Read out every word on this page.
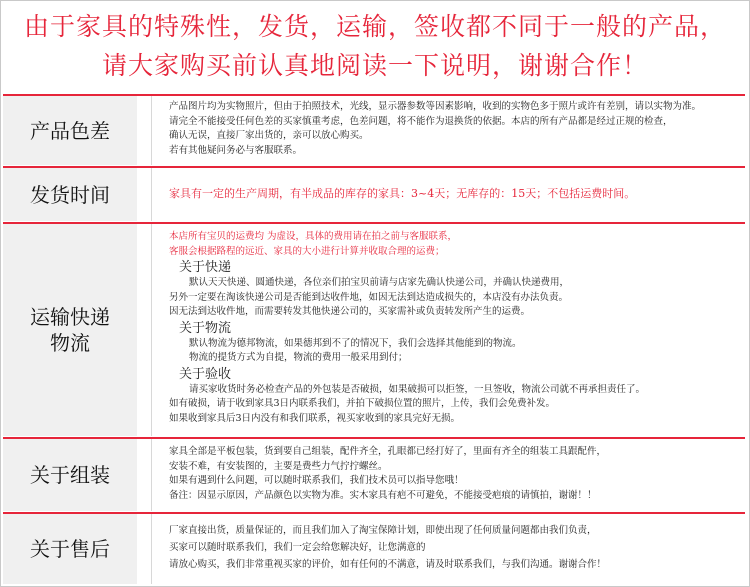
由于家具的特殊性，发货，运输，签收都不同于一般的产品，
请大家购买前认真地阅读一下说明，谢谢合作！
产品色差
产品图片均为实物照片，但由于拍照技术，光线，显示器参数等因素影响，收到的实物色多于照片或许有差别，请以实物为准。
请完全不能接受任何色差的买家慎重考虑，色差问题，将不能作为退换货的依据。本店的所有产品都是经过正规的检查，
确认无误，直接厂家出货的，亲可以放心购买。
若有其他疑问务必与客服联系。
发货时间	家具有一定的生产周期，有半成品的库存的家具：3~4天；无库存的：15天；不包括运费时间。
运输快递
物流
本店所有宝贝的运费均 为虚设，具体的费用请在拍之前与客服联系，
客服会根据路程的远近、家具的大小进行计算并收取合理的运费；
关于快递
默认天天快递、圆通快递，各位亲们拍宝贝前请与店家先确认快递公司，并确认快递费用，
另外一定要在淘该快递公司是否能到达收件地，如因无法到达造成损失的，本店没有办法负责。
因无法到达收件地，而需要转发其他快递公司的，买家需补或负责转发所产生的运费。
关于物流
默认物流为德邦物流，如果德邦到不了的情况下，我们会选择其他能到的物流。
物流的提货方式为自提，物流的费用一般采用到付；
关于验收
请买家收货时务必检查产品的外包装是否破损，如果破损可以拒签，一旦签收，物流公司就不再承担责任了。
如有破损，请于收到家具3日内联系我们，并拍下破损位置的照片，上传，我们会免费补发。
如果收到家具后3日内没有和我们联系，视买家收到的家具完好无损。
关于组装
家具全部是平板包装，货到要自己组装，配件齐全，孔眼都已经打好了，里面有齐全的组装工具跟配件，
安装不难，有安装图的，主要是费些力气拧拧螺丝。
如果有遇到什么问题，可以随时联系我们，我们技术员可以指导您哦！
备注：因显示原因，产品颜色以实物为准。实木家具有疤不可避免，不能接受疤痕的请慎拍，谢谢！！
关于售后
厂家直接出货，质量保证的，而且我们加入了淘宝保障计划，即使出现了任何质量问题都由我们负责，
买家可以随时联系我们，我们一定会给您解决好，让您满意的
请放心购买，我们非常重视买家的评价，如有任何的不满意，请及时联系我们，与我们沟通。谢谢合作！
